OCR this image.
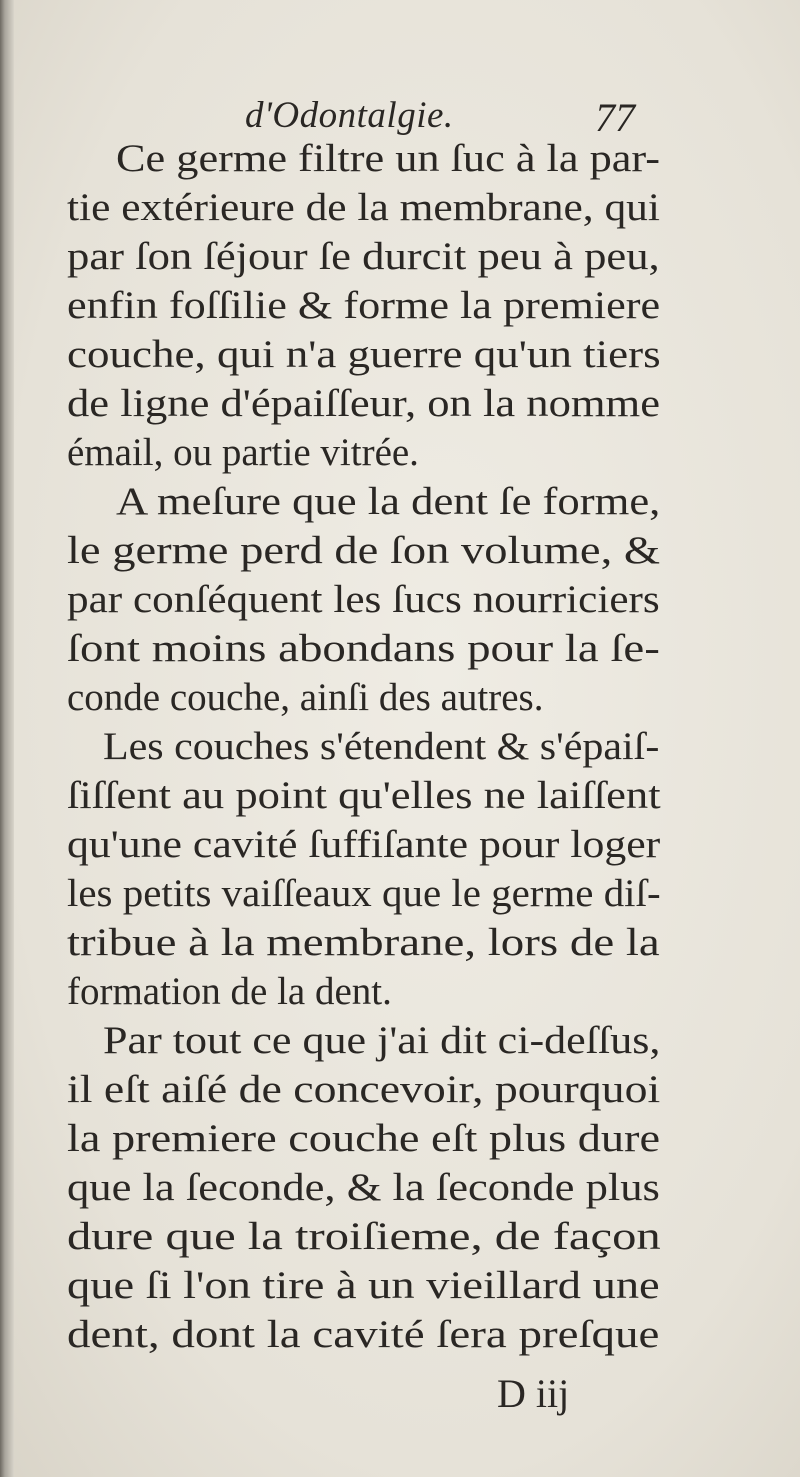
d'Odontalgie.	77
Ce germe filtre un ſuc à la par-
tie extérieure de la membrane, qui
par ſon ſéjour ſe durcit peu à peu,
enfin foſſilie & forme la premiere
couche, qui n'a guerre qu'un tiers
de ligne d'épaiſſeur, on la nomme
émail, ou partie vitrée.
A meſure que la dent ſe forme,
le germe perd de ſon volume, &
par conſéquent les ſucs nourriciers
ſont moins abondans pour la ſe-
conde couche, ainſi des autres.
Les couches s'étendent & s'épaiſ-
ſiſſent au point qu'elles ne laiſſent
qu'une cavité ſuffiſante pour loger
les petits vaiſſeaux que le germe diſ-
tribue à la membrane, lors de la
formation de la dent.
Par tout ce que j'ai dit ci-deſſus,
il eſt aiſé de concevoir, pourquoi
la premiere couche eſt plus dure
que la ſeconde, & la ſeconde plus
dure que la troiſieme, de façon
que ſi l'on tire à un vieillard une
dent, dont la cavité ſera preſque
D iij
